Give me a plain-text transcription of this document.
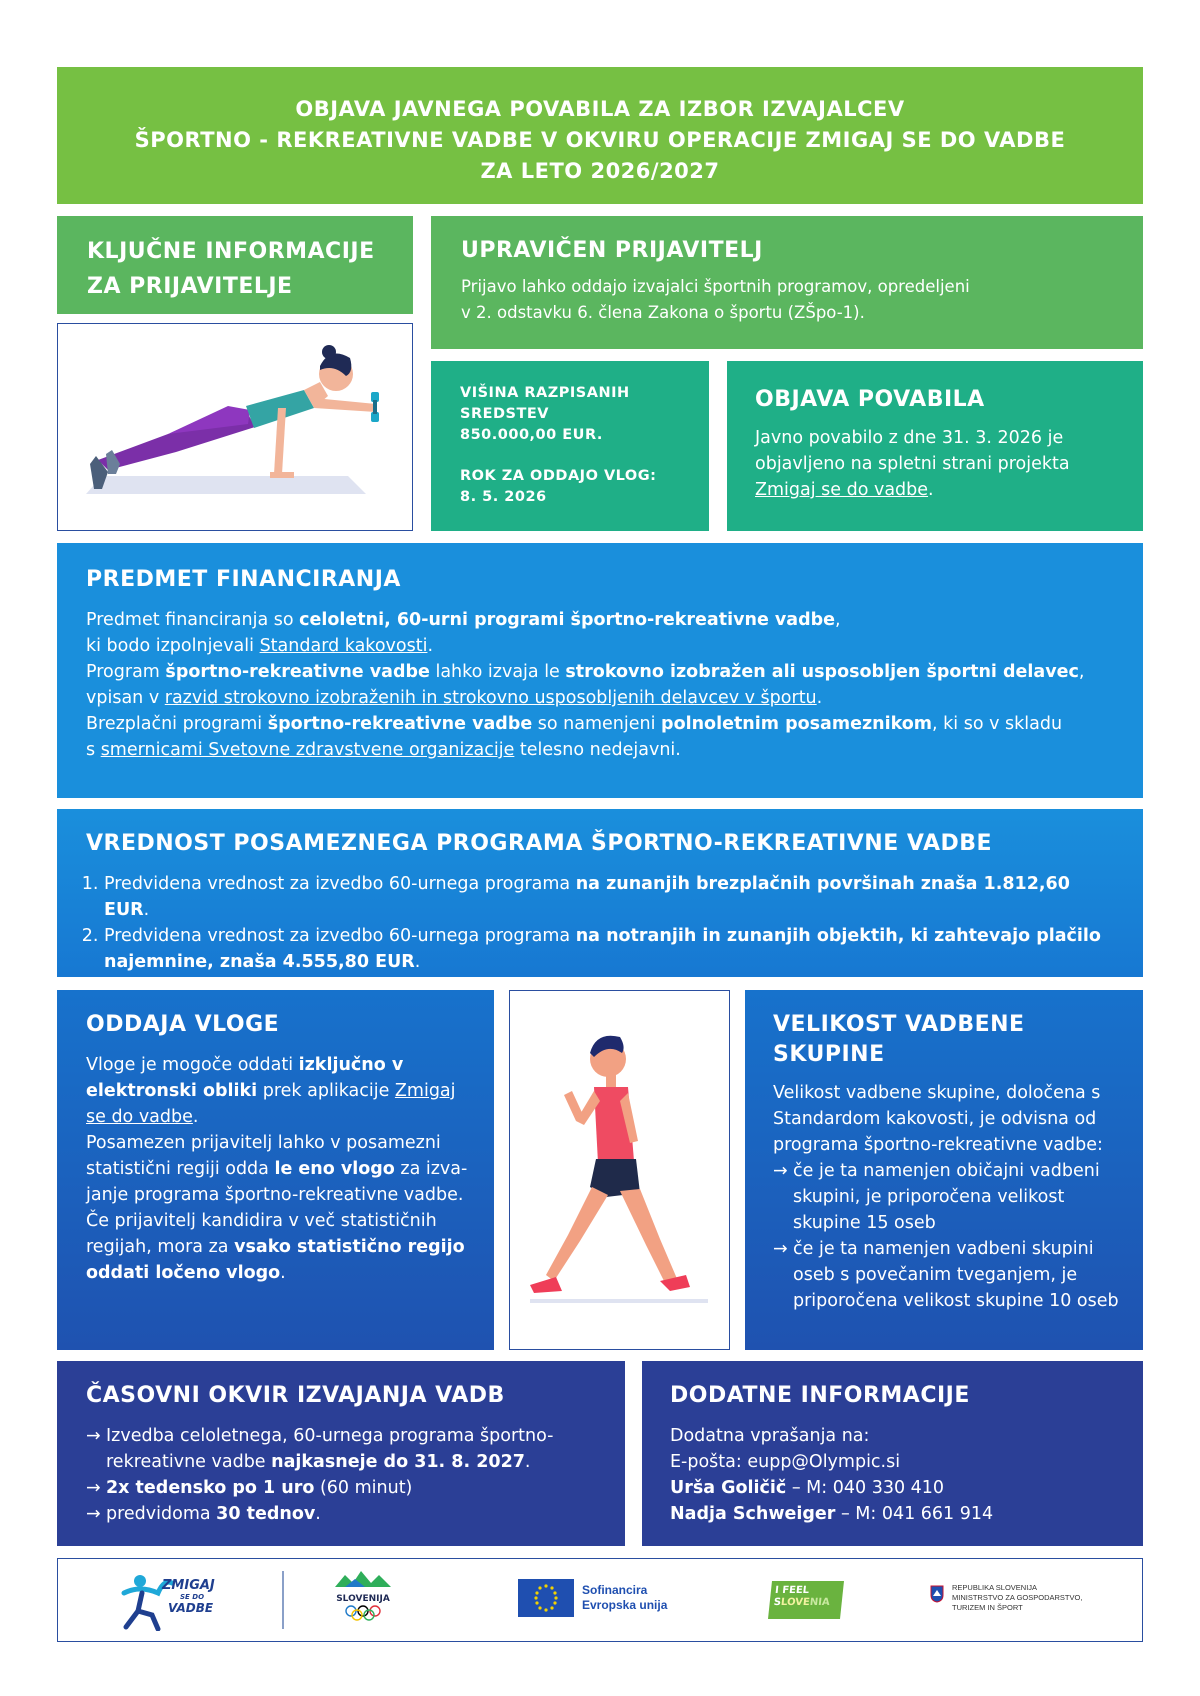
OBJAVA JAVNEGA POVABILA ZA IZBOR IZVAJALCEV

ŠPORTNO - REKREATIVNE VADBE V OKVIRU OPERACIJE ZMIGAJ SE DO VADBE

ZA LETO 2026/2027

KLJUČNE INFORMACIJE

ZA PRIJAVITELJE

UPRAVIČEN PRIJAVITELJ

Prijavo lahko oddajo izvajalci športnih programov, opredeljeni

v 2. odstavku 6. člena Zakona o športu (ZŠpo-1).

VIŠINA RAZPISANIH

SREDSTEV

850.000,00 EUR.

ROK ZA ODDAJO VLOG:

8. 5. 2026

OBJAVA POVABILA

Javno povabilo z dne 31. 3. 2026 je

objavljeno na spletni strani projekta

Zmigaj se do vadbe.

PREDMET FINANCIRANJA

Predmet financiranja so celoletni, 60-urni programi športno-rekreativne vadbe,

ki bodo izpolnjevali Standard kakovosti.

Program športno-rekreativne vadbe lahko izvaja le strokovno izobražen ali usposobljen športni delavec,

vpisan v razvid strokovno izobraženih in strokovno usposobljenih delavcev v športu.

Brezplačni programi športno-rekreativne vadbe so namenjeni polnoletnim posameznikom, ki so v skladu

s smernicami Svetovne zdravstvene organizacije telesno nedejavni.

VREDNOST POSAMEZNEGA PROGRAMA ŠPORTNO-REKREATIVNE VADBE

1. Predvidena vrednost za izvedbo 60-urnega programa na zunanjih brezplačnih površinah znaša 1.812,60 EUR.
2. Predvidena vrednost za izvedbo 60-urnega programa na notranjih in zunanjih objektih, ki zahtevajo plačilo najemnine, znaša 4.555,80 EUR.

ODDAJA VLOGE

Vloge je mogoče oddati izključno v elektronski obliki prek aplikacije Zmigaj se do vadbe.

Posamezen prijavitelj lahko v posamezni statistični regiji odda le eno vlogo za izva-janje programa športno-rekreativne vadbe.

Če prijavitelj kandidira v več statističnih regijah, mora za vsako statistično regijo oddati ločeno vlogo.

VELIKOST VADBENE SKUPINE

Velikost vadbene skupine, določena s Standardom kakovosti, je odvisna od programa športno-rekreativne vadbe:

→ če je ta namenjen običajni vadbeni skupini, je priporočena velikost skupine 15 oseb
→ če je ta namenjen vadbeni skupini oseb s povečanim tveganjem, je priporočena velikost skupine 10 oseb

ČASOVNI OKVIR IZVAJANJA VADB

→ Izvedba celoletnega, 60-urnega programa športno-rekreativne vadbe najkasneje do 31. 8. 2027.
→ 2x tedensko po 1 uro (60 minut)
→ predvidoma 30 tednov.

DODATNE INFORMACIJE

Dodatna vprašanja na:

E-pošta: eupp@Olympic.si

Urša Goličič – M: 040 330 410

Nadja Schweiger – M: 041 661 914

ZMIGAJ
SE DO
VADBE
SLOVENIJA
Sofinancira
Evropska unija
I FEEL
SLOVENIA
REPUBLIKA SLOVENIJA
MINISTRSTVO ZA GOSPODARSTVO,
TURIZEM IN ŠPORT
